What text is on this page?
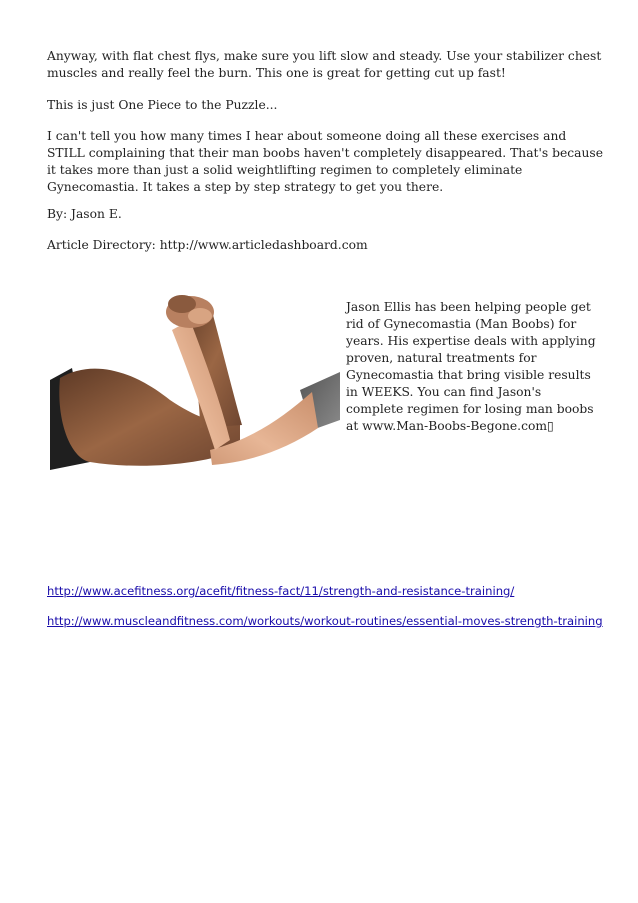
Anyway, with flat chest flys, make sure you lift slow and steady. Use your stabilizer chest muscles and really feel the burn. This one is great for getting cut up fast!

This is just One Piece to the Puzzle...

I can't tell you how many times I hear about someone doing all these exercises and STILL complaining that their man boobs haven't completely disappeared. That's because it takes more than just a solid weightlifting regimen to completely eliminate Gynecomastia. It takes a step by step strategy to get you there.

By: Jason E.

Article Directory: http://www.articledashboard.com

Jason Ellis has been helping people get rid of Gynecomastia (Man Boobs) for years. His expertise deals with applying proven, natural treatments for Gynecomastia that bring visible results in WEEKS. You can find Jason's complete regimen for losing man boobs at www.Man-Boobs-Begone.com▯

http://www.acefitness.org/acefit/fitness-fact/11/strength-and-resistance-training/
http://www.muscleandfitness.com/workouts/workout-routines/essential-moves-strength-training
